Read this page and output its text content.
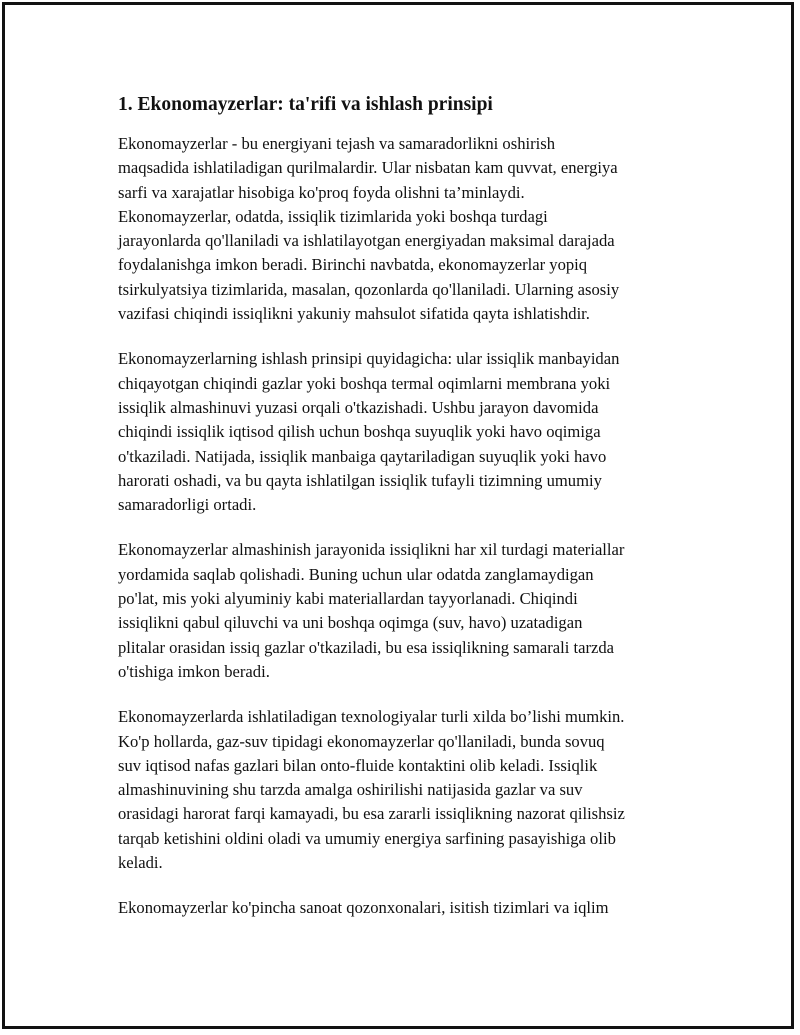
1. Ekonomayzerlar: ta'rifi va ishlash prinsipi

Ekonomayzerlar - bu energiyani tejash va samaradorlikni oshirish
maqsadida ishlatiladigan qurilmalardir. Ular nisbatan kam quvvat, energiya
sarfi va xarajatlar hisobiga ko'proq foyda olishni ta’minlaydi.
Ekonomayzerlar, odatda, issiqlik tizimlarida yoki boshqa turdagi
jarayonlarda qo'llaniladi va ishlatilayotgan energiyadan maksimal darajada
foydalanishga imkon beradi. Birinchi navbatda, ekonomayzerlar yopiq
tsirkulyatsiya tizimlarida, masalan, qozonlarda qo'llaniladi. Ularning asosiy
vazifasi chiqindi issiqlikni yakuniy mahsulot sifatida qayta ishlatishdir.

Ekonomayzerlarning ishlash prinsipi quyidagicha: ular issiqlik manbayidan
chiqayotgan chiqindi gazlar yoki boshqa termal oqimlarni membrana yoki
issiqlik almashinuvi yuzasi orqali o'tkazishadi. Ushbu jarayon davomida
chiqindi issiqlik iqtisod qilish uchun boshqa suyuqlik yoki havo oqimiga
o'tkaziladi. Natijada, issiqlik manbaiga qaytariladigan suyuqlik yoki havo
harorati oshadi, va bu qayta ishlatilgan issiqlik tufayli tizimning umumiy
samaradorligi ortadi.

Ekonomayzerlar almashinish jarayonida issiqlikni har xil turdagi materiallar
yordamida saqlab qolishadi. Buning uchun ular odatda zanglamaydigan
po'lat, mis yoki alyuminiy kabi materiallardan tayyorlanadi. Chiqindi
issiqlikni qabul qiluvchi va uni boshqa oqimga (suv, havo) uzatadigan
plitalar orasidan issiq gazlar o'tkaziladi, bu esa issiqlikning samarali tarzda
o'tishiga imkon beradi.

Ekonomayzerlarda ishlatiladigan texnologiyalar turli xilda bo’lishi mumkin.
Ko'p hollarda, gaz-suv tipidagi ekonomayzerlar qo'llaniladi, bunda sovuq
suv iqtisod nafas gazlari bilan onto-fluide kontaktini olib keladi. Issiqlik
almashinuvining shu tarzda amalga oshirilishi natijasida gazlar va suv
orasidagi harorat farqi kamayadi, bu esa zararli issiqlikning nazorat qilishsiz
tarqab ketishini oldini oladi va umumiy energiya sarfining pasayishiga olib
keladi.

Ekonomayzerlar ko'pincha sanoat qozonxonalari, isitish tizimlari va iqlim
